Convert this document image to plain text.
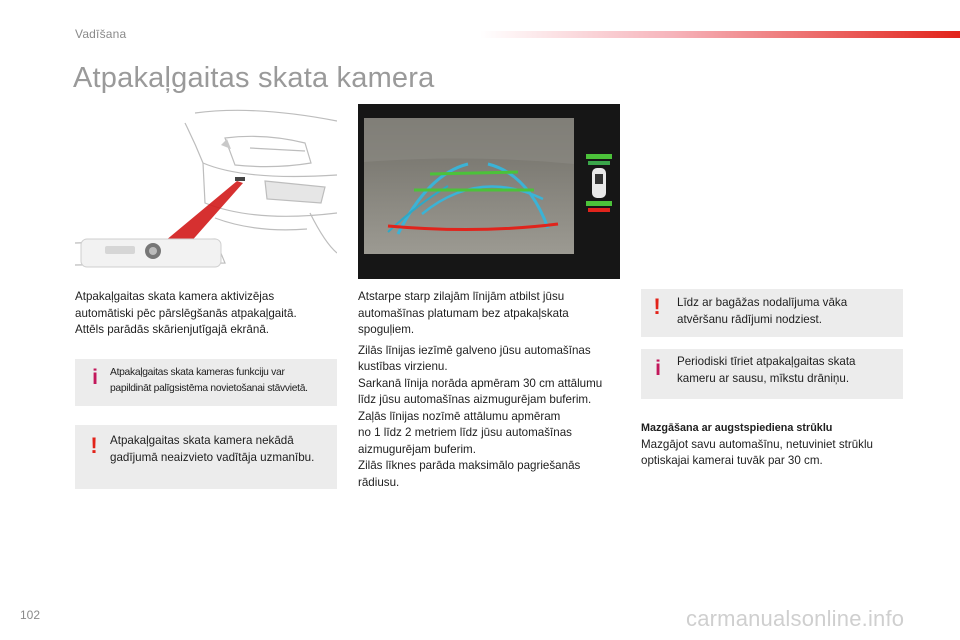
Vadīšana
Atpakaļgaitas skata kamera

Atpakaļgaitas skata kamera aktivizējas

automātiski pēc pārslēgšanās atpakaļgaitā.

Attēls parādās skārienjutīgajā ekrānā.

i	Atpakaļgaitas skata kameras funkciju var

papildināt palīgsistēma novietošanai stāvvietā.

! Atpakaļgaitas skata kamera nekādā

gadījumā neaizvieto vadītāja uzmanību.

Atstarpe starp zilajām līnijām atbilst jūsu

automašīnas platumam bez atpakaļskata

spoguļiem.

Zilās līnijas iezīmē galveno jūsu automašīnas

kustības virzienu.

Sarkanā līnija norāda apmēram 30 cm attālumu

līdz jūsu automašīnas aizmugurējam buferim.

Zaļās līnijas nozīmē attālumu apmēram

no 1 līdz 2 metriem līdz jūsu automašīnas

aizmugurējam buferim.

Zilās līknes parāda maksimālo pagriešanās

rādiusu.

! Līdz ar bagāžas nodalījuma vāka

atvēršanu rādījumi nodziest.

i	Periodiski tīriet atpakaļgaitas skata

kameru ar sausu, mīkstu drāniņu.

Mazgāšana ar augstspiediena strūklu

Mazgājot savu automašīnu, netuviniet strūklu

optiskajai kamerai tuvāk par 30 cm.

102	carmanualsonline.info
